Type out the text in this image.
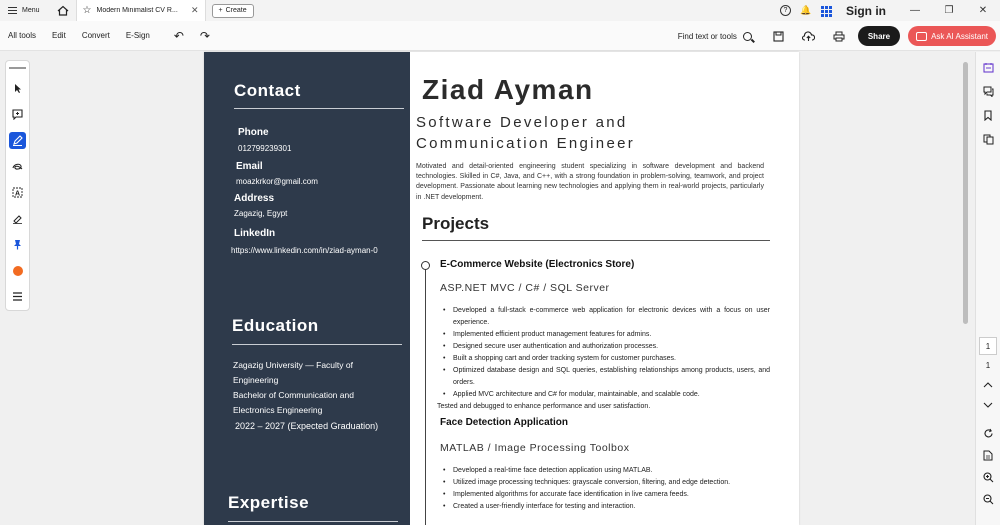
Menu	☆ Modern Minimalist CV R...	✕	+ Create	?	🔔	Sign in	—	❐	✕
All tools	Edit	Convert	E-Sign	↶	↷	Find text or tools	Share	Ask AI Assistant
Contact
Phone
012799239301
Email
moazkrkor@gmail.com
Address
Zagazig, Egypt
LinkedIn
https://www.linkedin.com/in/ziad-ayman-0
Education
Zagazig University — Faculty of
Engineering
Bachelor of Communication and
Electronics Engineering
2022 – 2027 (Expected Graduation)
Expertise
Ziad Ayman
Software Developer and
Communication Engineer
Motivated and detail-oriented engineering student specializing in software development and backend technologies. Skilled in C#, Java, and C++, with a strong foundation in problem-solving, teamwork, and project development. Passionate about learning new technologies and applying them in real-world projects, particularly in .NET development.
Projects
E-Commerce Website (Electronics Store)
ASP.NET MVC / C# / SQL Server
• Developed a full-stack e-commerce web application for electronic devices with a focus on user experience.
• Implemented efficient product management features for admins.
• Designed secure user authentication and authorization processes.
• Built a shopping cart and order tracking system for customer purchases.
• Optimized database design and SQL queries, establishing relationships among products, users, and orders.
• Applied MVC architecture and C# for modular, maintainable, and scalable code.
Tested and debugged to enhance performance and user satisfaction.
Face Detection Application
MATLAB / Image Processing Toolbox
• Developed a real-time face detection application using MATLAB.
• Utilized image processing techniques: grayscale conversion, filtering, and edge detection.
• Implemented algorithms for accurate face identification in live camera feeds.
• Created a user-friendly interface for testing and interaction.
A
1
1
